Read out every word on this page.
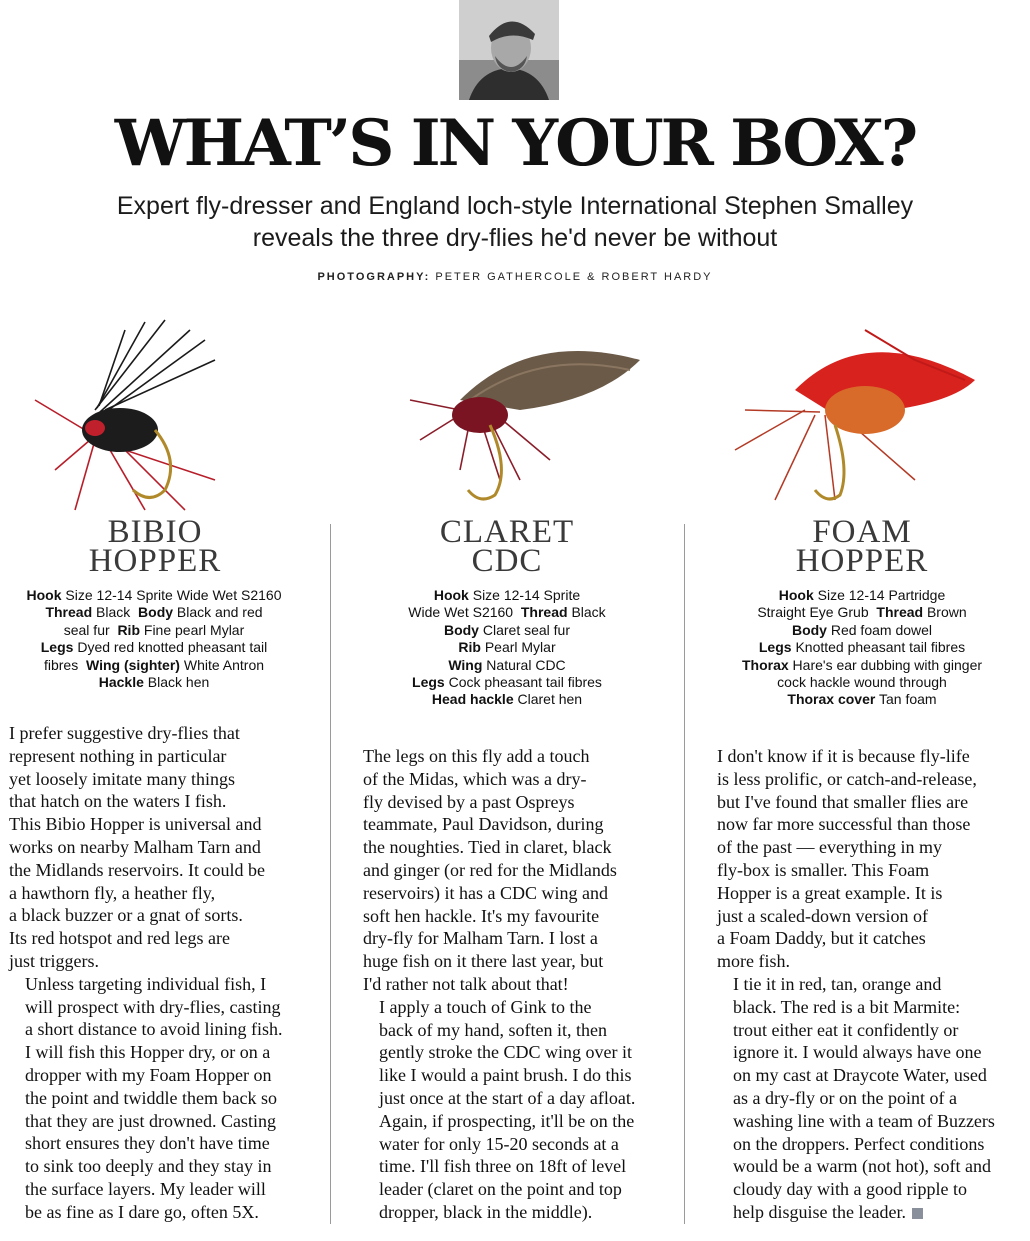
WHAT’S IN YOUR BOX?
Expert fly-dresser and England loch-style International Stephen Smalley
reveals the three dry-flies he'd never be without
PHOTOGRAPHY: PETER GATHERCOLE & ROBERT HARDY
BIBIO
HOPPER
CLARET
CDC
FOAM
HOPPER
Hook Size 12-14 Sprite Wide Wet S2160
Thread Black  Body Black and red
seal fur  Rib Fine pearl Mylar
Legs Dyed red knotted pheasant tail
fibres  Wing (sighter) White Antron
Hackle Black hen
Hook Size 12-14 Sprite
Wide Wet S2160  Thread Black
Body Claret seal fur
Rib Pearl Mylar
Wing Natural CDC
Legs Cock pheasant tail fibres
Head hackle Claret hen
Hook Size 12-14 Partridge
Straight Eye Grub  Thread Brown
Body Red foam dowel
Legs Knotted pheasant tail fibres
Thorax Hare's ear dubbing with ginger
cock hackle wound through
Thorax cover Tan foam

I prefer suggestive dry-flies that
represent nothing in particular
yet loosely imitate many things
that hatch on the waters I fish.
This Bibio Hopper is universal and
works on nearby Malham Tarn and
the Midlands reservoirs. It could be
a hawthorn fly, a heather fly,
a black buzzer or a gnat of sorts.
Its red hotspot and red legs are
just triggers.

Unless targeting individual fish, I
will prospect with dry-flies, casting
a short distance to avoid lining fish.

I will fish this Hopper dry, or on a
dropper with my Foam Hopper on
the point and twiddle them back so
that they are just drowned. Casting
short ensures they don't have time
to sink too deeply and they stay in
the surface layers. My leader will
be as fine as I dare go, often 5X.

The legs on this fly add a touch
of the Midas, which was a dry-
fly devised by a past Ospreys
teammate, Paul Davidson, during
the noughties. Tied in claret, black
and ginger (or red for the Midlands
reservoirs) it has a CDC wing and
soft hen hackle. It's my favourite
dry-fly for Malham Tarn. I lost a
huge fish on it there last year, but
I'd rather not talk about that!

I apply a touch of Gink to the
back of my hand, soften it, then
gently stroke the CDC wing over it
like I would a paint brush. I do this
just once at the start of a day afloat.
Again, if prospecting, it'll be on the
water for only 15-20 seconds at a
time. I'll fish three on 18ft of level
leader (claret on the point and top
dropper, black in the middle).

I don't know if it is because fly-life
is less prolific, or catch-and-release,
but I've found that smaller flies are
now far more successful than those
of the past — everything in my
fly-box is smaller. This Foam
Hopper is a great example. It is
just a scaled-down version of
a Foam Daddy, but it catches
more fish.

I tie it in red, tan, orange and
black. The red is a bit Marmite:
trout either eat it confidently or
ignore it. I would always have one
on my cast at Draycote Water, used
as a dry-fly or on the point of a
washing line with a team of Buzzers
on the droppers. Perfect conditions
would be a warm (not hot), soft and
cloudy day with a good ripple to
help disguise the leader.
